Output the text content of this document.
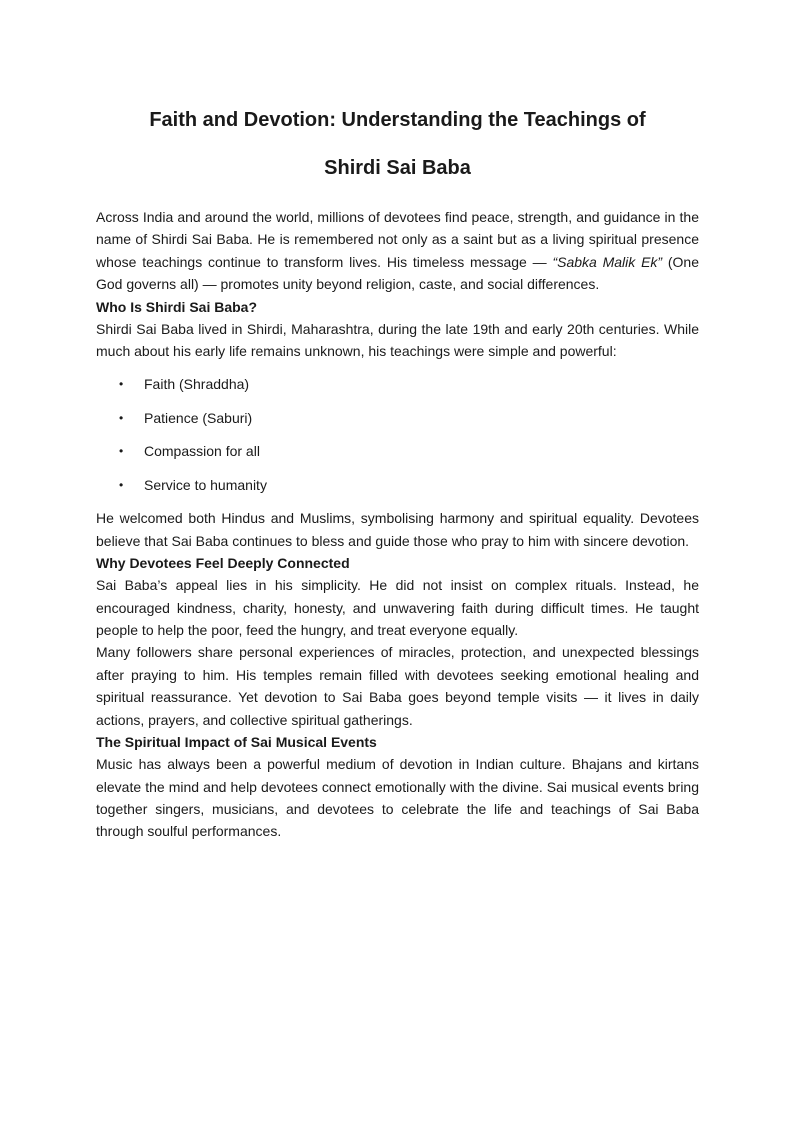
Faith and Devotion: Understanding the Teachings of
Shirdi Sai Baba

Across India and around the world, millions of devotees find peace, strength, and guidance in the name of Shirdi Sai Baba. He is remembered not only as a saint but as a living spiritual presence whose teachings continue to transform lives. His timeless message — “Sabka Malik Ek” (One God governs all) — promotes unity beyond religion, caste, and social differences.

Who Is Shirdi Sai Baba?

Shirdi Sai Baba lived in Shirdi, Maharashtra, during the late 19th and early 20th centuries. While much about his early life remains unknown, his teachings were simple and powerful:

• Faith (Shraddha)
• Patience (Saburi)
• Compassion for all
• Service to humanity

He welcomed both Hindus and Muslims, symbolising harmony and spiritual equality. Devotees believe that Sai Baba continues to bless and guide those who pray to him with sincere devotion.

Why Devotees Feel Deeply Connected

Sai Baba’s appeal lies in his simplicity. He did not insist on complex rituals. Instead, he encouraged kindness, charity, honesty, and unwavering faith during difficult times. He taught people to help the poor, feed the hungry, and treat everyone equally.

Many followers share personal experiences of miracles, protection, and unexpected blessings after praying to him. His temples remain filled with devotees seeking emotional healing and spiritual reassurance. Yet devotion to Sai Baba goes beyond temple visits — it lives in daily actions, prayers, and collective spiritual gatherings.

The Spiritual Impact of Sai Musical Events

Music has always been a powerful medium of devotion in Indian culture. Bhajans and kirtans elevate the mind and help devotees connect emotionally with the divine. Sai musical events bring together singers, musicians, and devotees to celebrate the life and teachings of Sai Baba through soulful performances.
